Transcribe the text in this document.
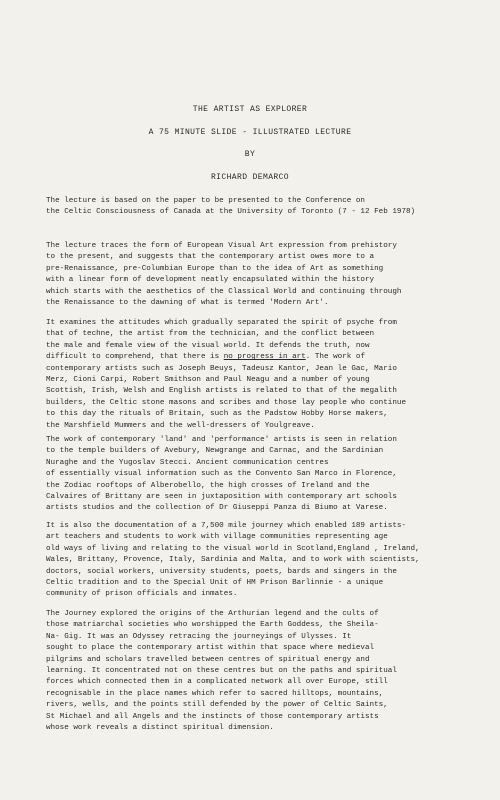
THE ARTIST AS EXPLORER
A 75 MINUTE SLIDE - ILLUSTRATED LECTURE
BY
RICHARD DEMARCO
The lecture is based on the paper to be presented to the Conference on
the Celtic Consciousness of Canada at the University of Toronto (7 - 12 Feb 1978)
The lecture traces the form of European Visual Art expression from prehistory
to the present, and suggests that the contemporary artist owes more to a
pre-Renaissance, pre-Columbian Europe than to the idea of Art as something
with a linear form of development neatly encapsulated within the history
which starts with the aesthetics of the Classical World and continuing through
the Renaissance to the dawning of what is termed 'Modern Art'.
It examines the attitudes which gradually separated the spirit of psyche from
that of techne, the artist from the technician, and the conflict between
the male and female view of the visual world. It defends the truth, now
difficult to comprehend, that there is no progress in art. The work of
contemporary artists such as Joseph Beuys, Tadeusz Kantor, Jean le Gac, Mario
Merz, Cioni Carpi, Robert Smithson and Paul Neagu and a number of young
Scottish, Irish, Welsh and English artists is related to that of the megalith
builders, the Celtic stone masons and scribes and those lay people who continue
to this day the rituals of Britain, such as the Padstow Hobby Horse makers,
the Marshfield Mummers and the well-dressers of Youlgreave.
The work of contemporary 'land' and 'performance' artists is seen in relation
to the temple builders of Avebury, Newgrange and Carnac, and the Sardinian
Nuraghe and the Yugoslav Stecci. Ancient communication centres
of essentially visual information such as the Convento San Marco in Florence,
the Zodiac rooftops of Alberobello, the high crosses of Ireland and the
Calvaires of Brittany are seen in juxtaposition with contemporary art schools
artists studios and the collection of Dr Giuseppi Panza di Biumo at Varese.
It is also the documentation of a 7,500 mile journey which enabled 189 artists-
art teachers and students to work with village communities representing age
old ways of living and relating to the visual world in Scotland,England , Ireland,
Wales, Brittany, Provence, Italy, Sardinia and Malta, and to work with scientists,
doctors, social workers, university students, poets, bards and singers in the
Celtic tradition and to the Special Unit of HM Prison Barlinnie - a unique
community of prison officials and inmates.
The Journey explored the origins of the Arthurian legend and the cults of
those matriarchal societies who worshipped the Earth Goddess, the Sheila-
Na- Gig. It was an Odyssey retracing the journeyings of Ulysses. It
sought to place the contemporary artist within that space where medieval
pilgrims and scholars travelled between centres of spiritual energy and
learning. It concentrated not on these centres but on the paths and spiritual
forces which connected them in a complicated network all over Europe, still
recognisable in the place names which refer to sacred hilltops, mountains,
rivers, wells, and the points still defended by the power of Celtic Saints,
St Michael and all Angels and the instincts of those contemporary artists
whose work reveals a distinct spiritual dimension.
